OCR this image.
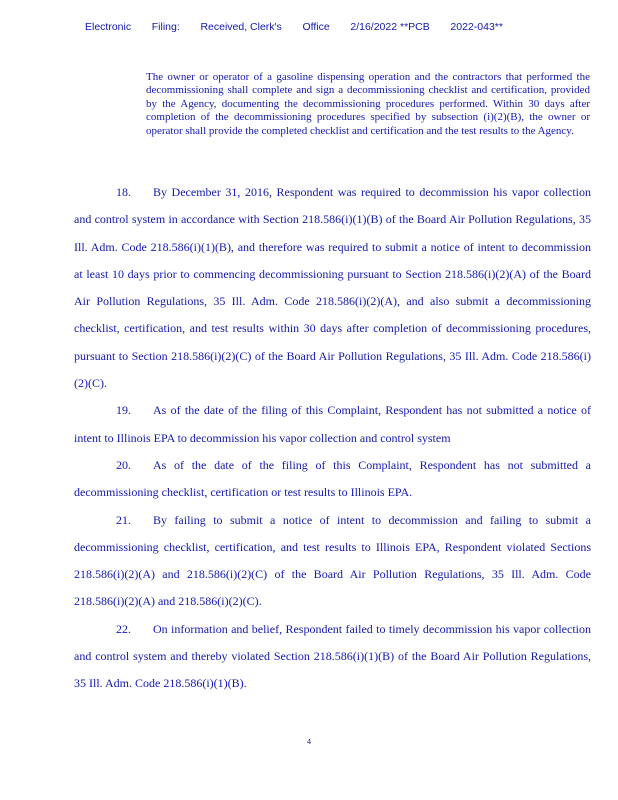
Electronic Filing: Received, Clerk's Office 2/16/2022 **PCB 2022-043**
The owner or operator of a gasoline dispensing operation and the contractors that performed the decommissioning shall complete and sign a decommissioning checklist and certification, provided by the Agency, documenting the decommissioning procedures performed. Within 30 days after completion of the decommissioning procedures specified by subsection (i)(2)(B), the owner or operator shall provide the completed checklist and certification and the test results to the Agency.

18. By December 31, 2016, Respondent was required to decommission his vapor collection and control system in accordance with Section 218.586(i)(1)(B) of the Board Air Pollution Regulations, 35 Ill. Adm. Code 218.586(i)(1)(B), and therefore was required to submit a notice of intent to decommission at least 10 days prior to commencing decommissioning pursuant to Section 218.586(i)(2)(A) of the Board Air Pollution Regulations, 35 Ill. Adm. Code 218.586(i)(2)(A), and also submit a decommissioning checklist, certification, and test results within 30 days after completion of decommissioning procedures, pursuant to Section 218.586(i)(2)(C) of the Board Air Pollution Regulations, 35 Ill. Adm. Code 218.586(i)(2)(C).

19. As of the date of the filing of this Complaint, Respondent has not submitted a notice of intent to Illinois EPA to decommission his vapor collection and control system

20. As of the date of the filing of this Complaint, Respondent has not submitted a decommissioning checklist, certification or test results to Illinois EPA.

21. By failing to submit a notice of intent to decommission and failing to submit a decommissioning checklist, certification, and test results to Illinois EPA, Respondent violated Sections 218.586(i)(2)(A) and 218.586(i)(2)(C) of the Board Air Pollution Regulations, 35 Ill. Adm. Code 218.586(i)(2)(A) and 218.586(i)(2)(C).

22. On information and belief, Respondent failed to timely decommission his vapor collection and control system and thereby violated Section 218.586(i)(1)(B) of the Board Air Pollution Regulations, 35 Ill. Adm. Code 218.586(i)(1)(B).

4
